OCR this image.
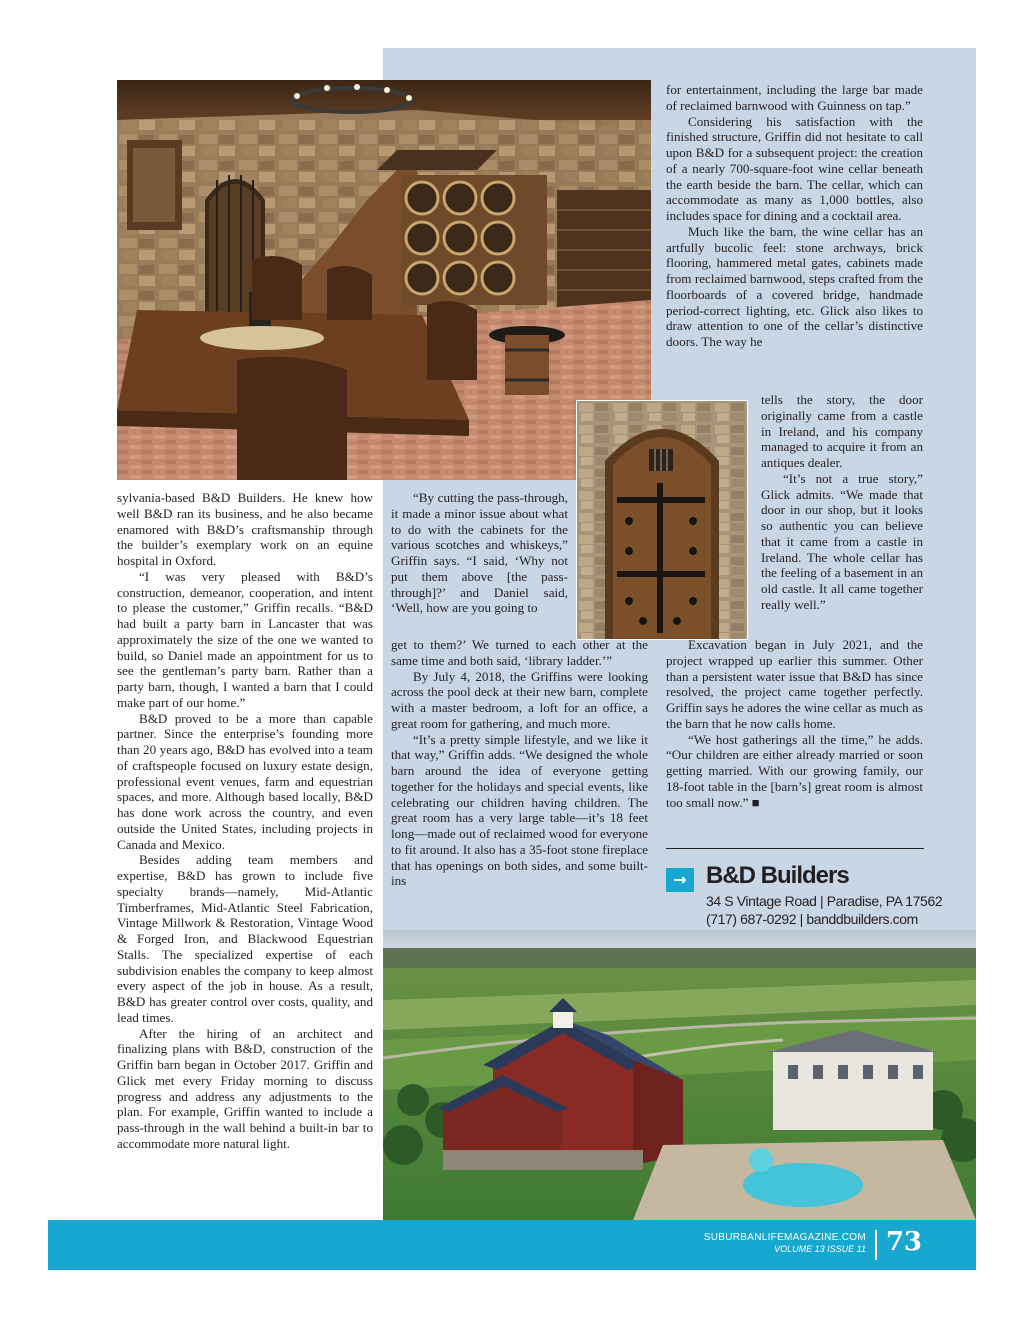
sylvania-based B&D Builders. He knew how well B&D ran its business, and he also became enamored with B&D’s craftsmanship through the builder’s exemplary work on an equine hospital in Oxford.

“I was very pleased with B&D’s construction, demeanor, cooperation, and intent to please the customer,” Griffin recalls. “B&D had built a party barn in Lancaster that was approximately the size of the one we wanted to build, so Daniel made an appointment for us to see the gentleman’s party barn. Rather than a party barn, though, I wanted a barn that I could make part of our home.”

B&D proved to be a more than capable partner. Since the enterprise’s founding more than 20 years ago, B&D has evolved into a team of craftspeople focused on luxury estate design, professional event venues, farm and equestrian spaces, and more. Although based locally, B&D has done work across the country, and even outside the United States, including projects in Canada and Mexico.

Besides adding team members and expertise, B&D has grown to include five specialty brands—namely, Mid-Atlantic Timberframes, Mid-Atlantic Steel Fabrication, Vintage Millwork & Restoration, Vintage Wood & Forged Iron, and Blackwood Equestrian Stalls. The specialized expertise of each subdivision enables the company to keep almost every aspect of the job in house. As a result, B&D has greater control over costs, quality, and lead times.

After the hiring of an architect and finalizing plans with B&D, construction of the Griffin barn began in October 2017. Griffin and Glick met every Friday morning to discuss progress and address any adjustments to the plan. For example, Griffin wanted to include a pass-through in the wall behind a built-in bar to accommodate more natural light.

“By cutting the pass-through, it made a minor issue about what to do with the cabinets for the various scotches and whiskeys,” Griffin says. “I said, ‘Why not put them above [the pass-through]?’ and Daniel said, ‘Well, how are you going to

get to them?’ We turned to each other at the same time and both said, ‘library ladder.’”

By July 4, 2018, the Griffins were looking across the pool deck at their new barn, complete with a master bedroom, a loft for an office, a great room for gathering, and much more.

“It’s a pretty simple lifestyle, and we like it that way,” Griffin adds. “We designed the whole barn around the idea of everyone getting together for the holidays and special events, like celebrating our children having children. The great room has a very large table—it’s 18 feet long—made out of reclaimed wood for everyone to fit around. It also has a 35-foot stone fireplace that has openings on both sides, and some built-ins

for entertainment, including the large bar made of reclaimed barnwood with Guinness on tap.”

Considering his satisfaction with the finished structure, Griffin did not hesitate to call upon B&D for a subsequent project: the creation of a nearly 700-square-foot wine cellar beneath the earth beside the barn. The cellar, which can accommodate as many as 1,000 bottles, also includes space for dining and a cocktail area.

Much like the barn, the wine cellar has an artfully bucolic feel: stone archways, brick flooring, hammered metal gates, cabinets made from reclaimed barnwood, steps crafted from the floorboards of a covered bridge, handmade period-correct lighting, etc. Glick also likes to draw attention to one of the cellar’s distinctive doors. The way he

tells the story, the door originally came from a castle in Ireland, and his company managed to acquire it from an antiques dealer.

“It’s not a true story,” Glick admits. “We made that door in our shop, but it looks so authentic you can believe that it came from a castle in Ireland. The whole cellar has the feeling of a basement in an old castle. It all came together really well.”

Excavation began in July 2021, and the project wrapped up earlier this summer. Other than a persistent water issue that B&D has since resolved, the project came together perfectly. Griffin says he adores the wine cellar as much as the barn that he now calls home.

“We host gatherings all the time,” he adds. “Our children are either already married or soon getting married. With our growing family, our 18-foot table in the [barn’s] great room is almost too small now.” ■

→ B&D Builders
34 S Vintage Road | Paradise, PA 17562
(717) 687-0292 | banddbuilders.com
SUBURBANLIFEMAGAZINE.COM
VOLUME 13 ISSUE 11 73
